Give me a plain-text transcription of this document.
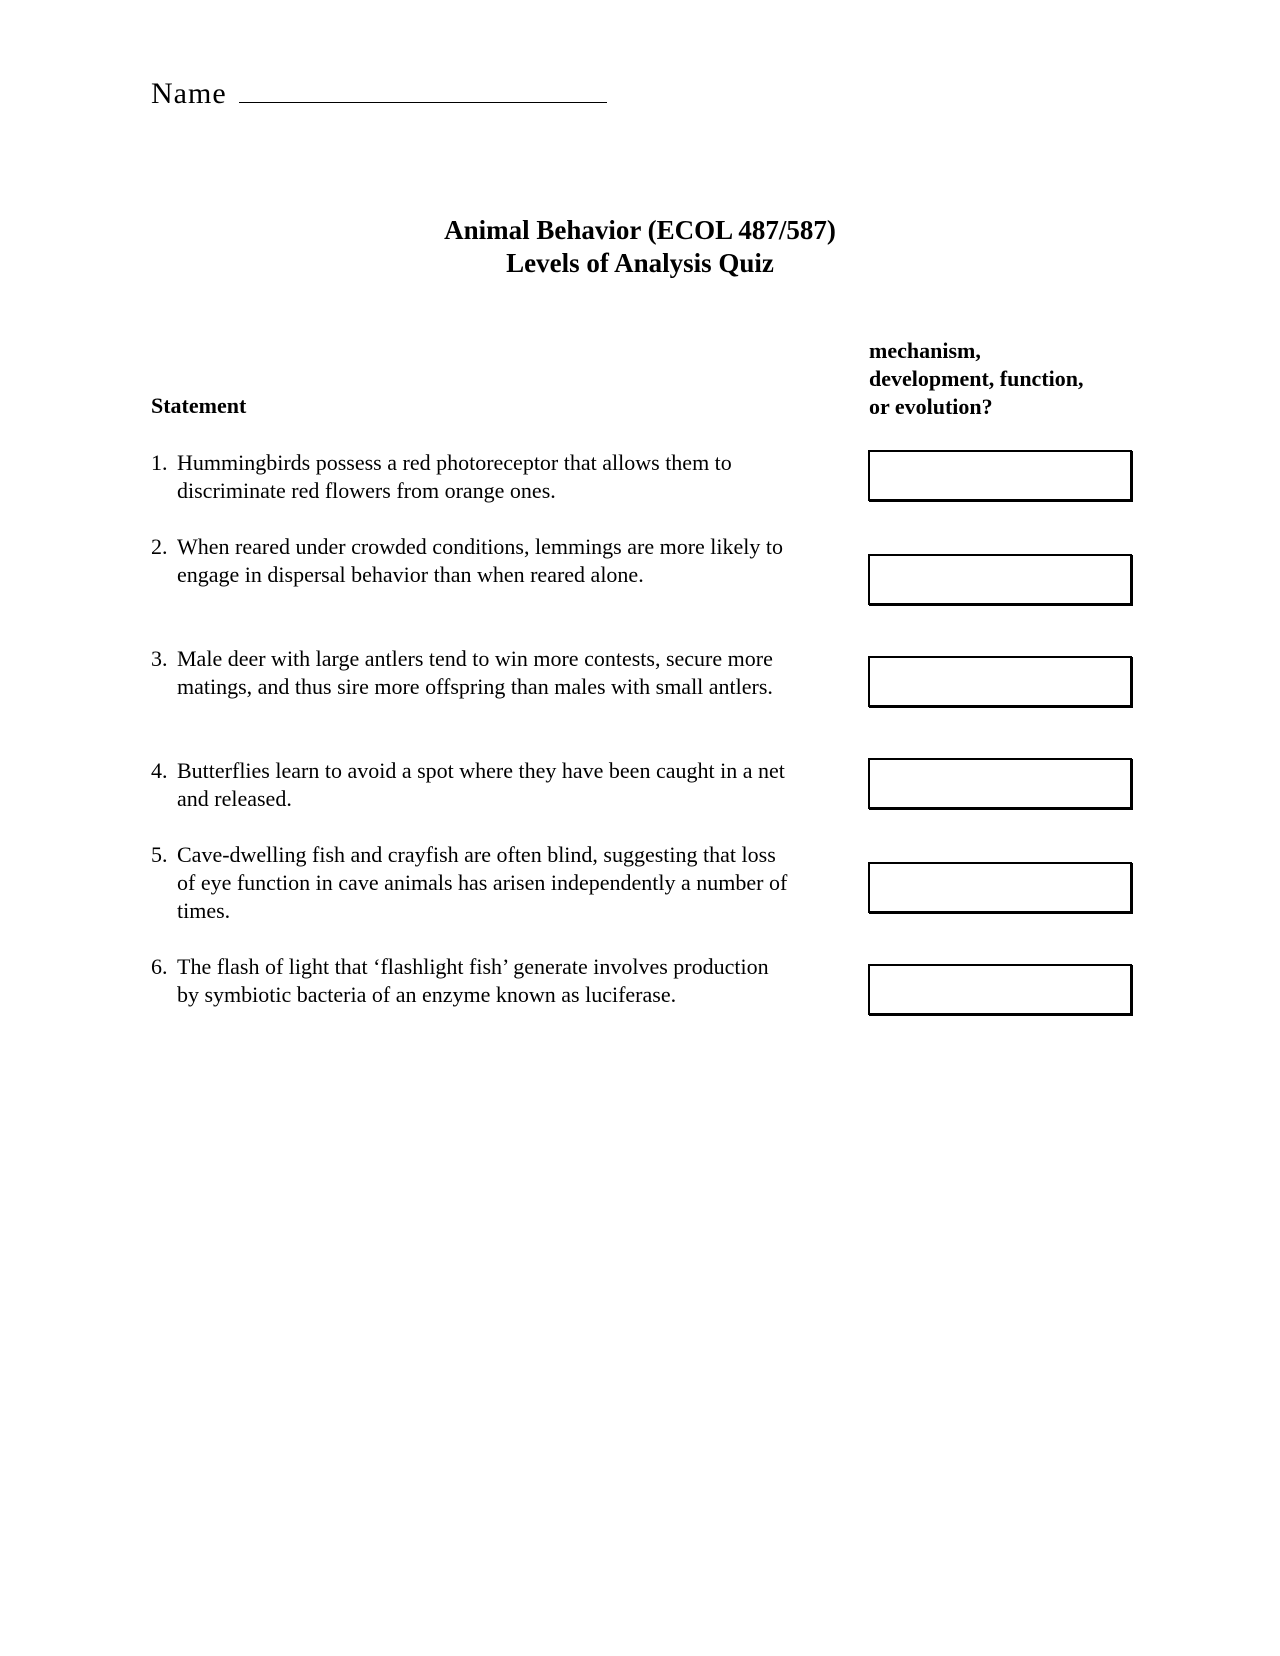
Name
Animal Behavior (ECOL 487/587)
Levels of Analysis Quiz
Statement
mechanism,
development, function,
or evolution?
1. Hummingbirds possess a red photoreceptor that allows them to discriminate red flowers from orange ones.
2. When reared under crowded conditions, lemmings are more likely to engage in dispersal behavior than when reared alone.
3. Male deer with large antlers tend to win more contests, secure more matings, and thus sire more offspring than males with small antlers.
4. Butterflies learn to avoid a spot where they have been caught in a net and released.
5. Cave-dwelling fish and crayfish are often blind, suggesting that loss of eye function in cave animals has arisen independently a number of times.
6. The flash of light that ‘flashlight fish’ generate involves production by symbiotic bacteria of an enzyme known as luciferase.
